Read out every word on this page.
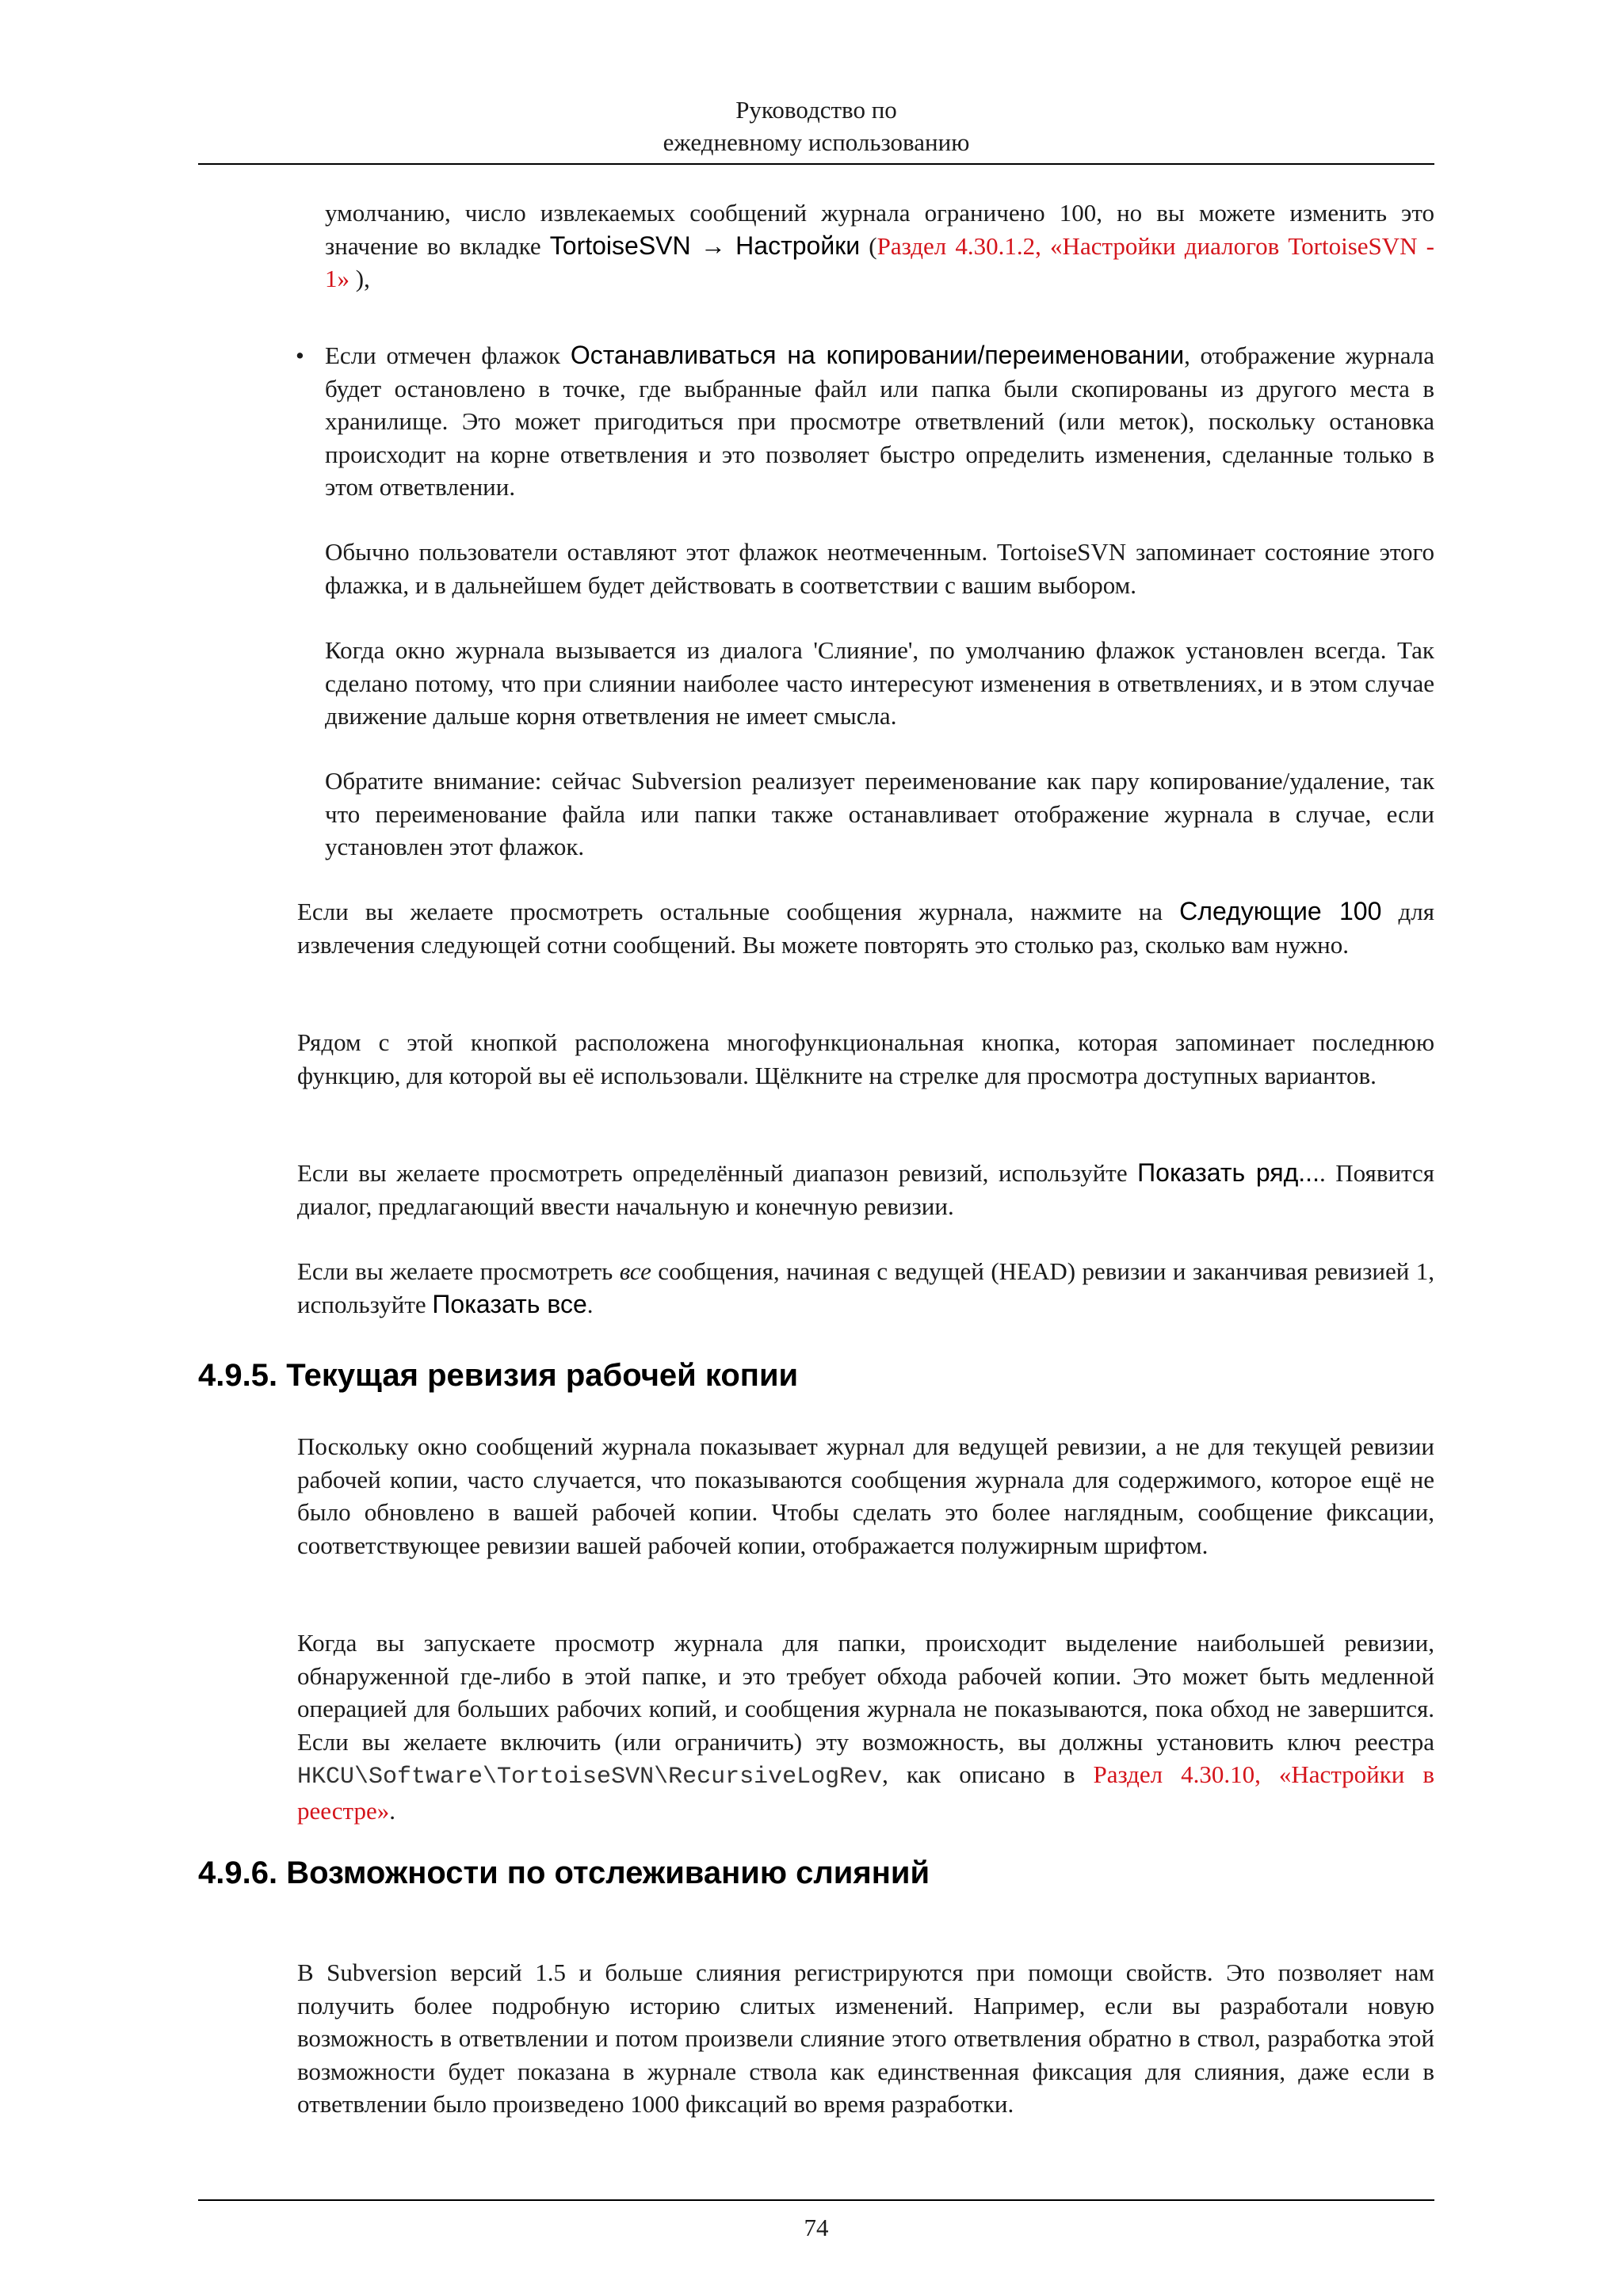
Руководство по
ежедневному использованию

умолчанию, число извлекаемых сообщений журнала ограничено 100, но вы можете изменить это значение во вкладке TortoiseSVN → Настройки (Раздел 4.30.1.2, «Настройки диалогов TortoiseSVN - 1» ),

• Если отмечен флажок Останавливаться на копировании/переименовании, отображение журнала будет остановлено в точке, где выбранные файл или папка были скопированы из другого места в хранилище. Это может пригодиться при просмотре ответвлений (или меток), поскольку остановка происходит на корне ответвления и это позволяет быстро определить изменения, сделанные только в этом ответвлении.

Обычно пользователи оставляют этот флажок неотмеченным. TortoiseSVN запоминает состояние этого флажка, и в дальнейшем будет действовать в соответствии с вашим выбором.

Когда окно журнала вызывается из диалога 'Слияние', по умолчанию флажок установлен всегда. Так сделано потому, что при слиянии наиболее часто интересуют изменения в ответвлениях, и в этом случае движение дальше корня ответвления не имеет смысла.

Обратите внимание: сейчас Subversion реализует переименование как пару копирование/удаление, так что переименование файла или папки также останавливает отображение журнала в случае, если установлен этот флажок.

Если вы желаете просмотреть остальные сообщения журнала, нажмите на Следующие 100 для извлечения следующей сотни сообщений. Вы можете повторять это столько раз, сколько вам нужно.

Рядом с этой кнопкой расположена многофункциональная кнопка, которая запоминает последнюю функцию, для которой вы её использовали. Щёлкните на стрелке для просмотра доступных вариантов.

Если вы желаете просмотреть определённый диапазон ревизий, используйте Показать ряд.... Появится диалог, предлагающий ввести начальную и конечную ревизии.

Если вы желаете просмотреть все сообщения, начиная с ведущей (HEAD) ревизии и заканчивая ревизией 1, используйте Показать все.

4.9.5. Текущая ревизия рабочей копии

Поскольку окно сообщений журнала показывает журнал для ведущей ревизии, а не для текущей ревизии рабочей копии, часто случается, что показываются сообщения журнала для содержимого, которое ещё не было обновлено в вашей рабочей копии. Чтобы сделать это более наглядным, сообщение фиксации, соответствующее ревизии вашей рабочей копии, отображается полужирным шрифтом.

Когда вы запускаете просмотр журнала для папки, происходит выделение наибольшей ревизии, обнаруженной где-либо в этой папке, и это требует обхода рабочей копии. Это может быть медленной операцией для больших рабочих копий, и сообщения журнала не показываются, пока обход не завершится. Если вы желаете включить (или ограничить) эту возможность, вы должны установить ключ реестра HKCU\Software\TortoiseSVN\RecursiveLogRev, как описано в Раздел 4.30.10, «Настройки в реестре».

4.9.6. Возможности по отслеживанию слияний

В Subversion версий 1.5 и больше слияния регистрируются при помощи свойств. Это позволяет нам получить более подробную историю слитых изменений. Например, если вы разработали новую возможность в ответвлении и потом произвели слияние этого ответвления обратно в ствол, разработка этой возможности будет показана в журнале ствола как единственная фиксация для слияния, даже если в ответвлении было произведено 1000 фиксаций во время разработки.

74
